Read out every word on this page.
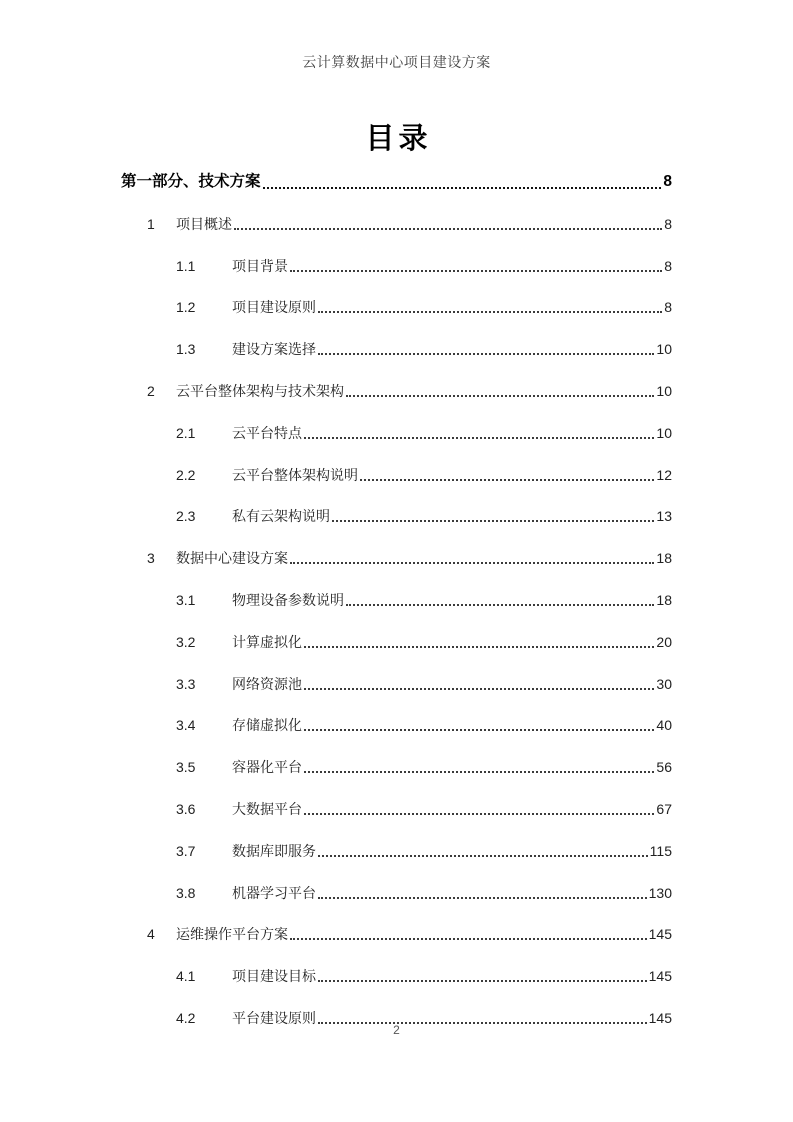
云计算数据中心项目建设方案
目录
第一部分、技术方案	8
1	项目概述	8
1.1	项目背景	8
1.2	项目建设原则	8
1.3	建设方案选择	10
2	云平台整体架构与技术架构	10
2.1	云平台特点	10
2.2	云平台整体架构说明	12
2.3	私有云架构说明	13
3	数据中心建设方案	18
3.1	物理设备参数说明	18
3.2	计算虚拟化	20
3.3	网络资源池	30
3.4	存储虚拟化	40
3.5	容器化平台	56
3.6	大数据平台	67
3.7	数据库即服务	115
3.8	机器学习平台	130
4	运维操作平台方案	145
4.1	项目建设目标	145
4.2	平台建设原则	145
2
